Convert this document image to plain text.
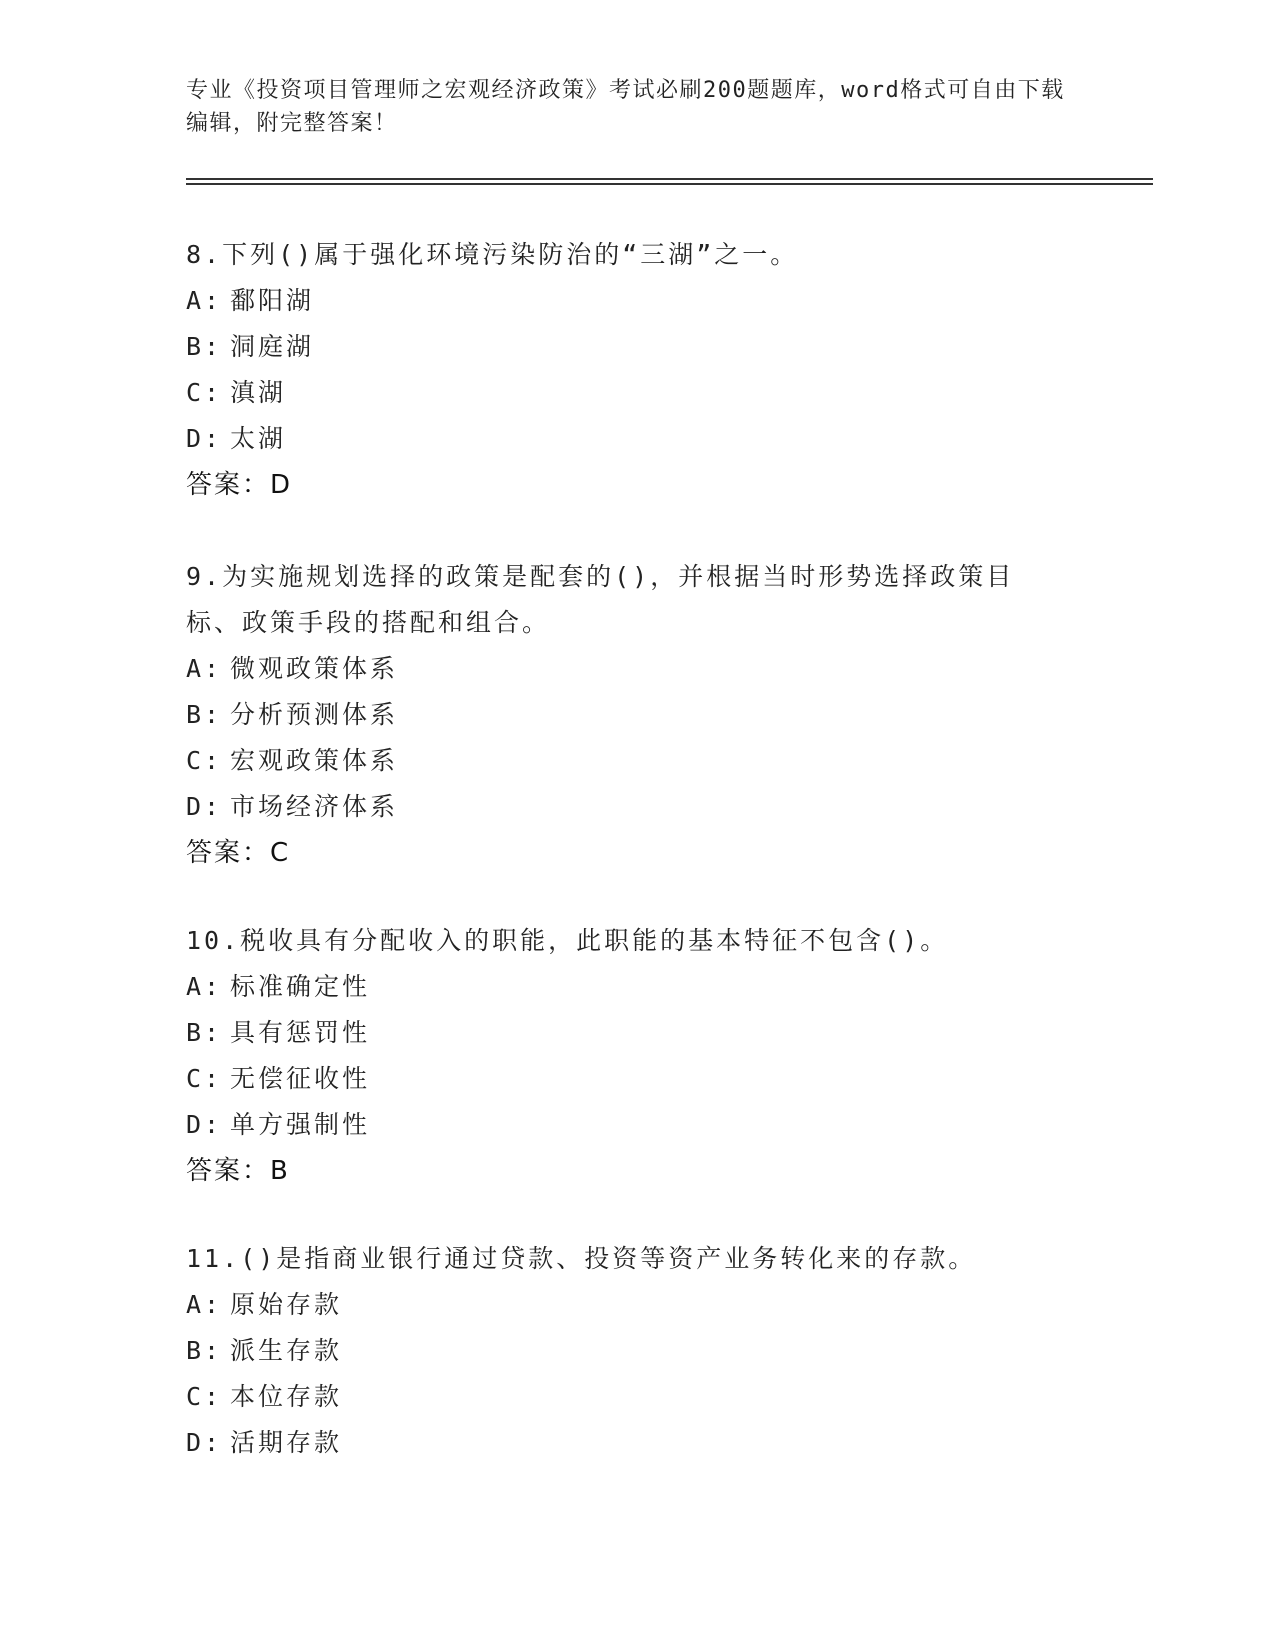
专业《投资项目管理师之宏观经济政策》考试必刷200题题库，word格式可自由下载编辑，附完整答案！

8.下列()属于强化环境污染防治的“三湖”之一。

A: 鄱阳湖

B: 洞庭湖

C: 滇湖

D: 太湖

答案：D

9.为实施规划选择的政策是配套的()，并根据当时形势选择政策目标、政策手段的搭配和组合。

A: 微观政策体系

B: 分析预测体系

C: 宏观政策体系

D: 市场经济体系

答案：C

10.税收具有分配收入的职能，此职能的基本特征不包含()。

A: 标准确定性

B: 具有惩罚性

C: 无偿征收性

D: 单方强制性

答案：B

11.()是指商业银行通过贷款、投资等资产业务转化来的存款。

A: 原始存款

B: 派生存款

C: 本位存款

D: 活期存款
